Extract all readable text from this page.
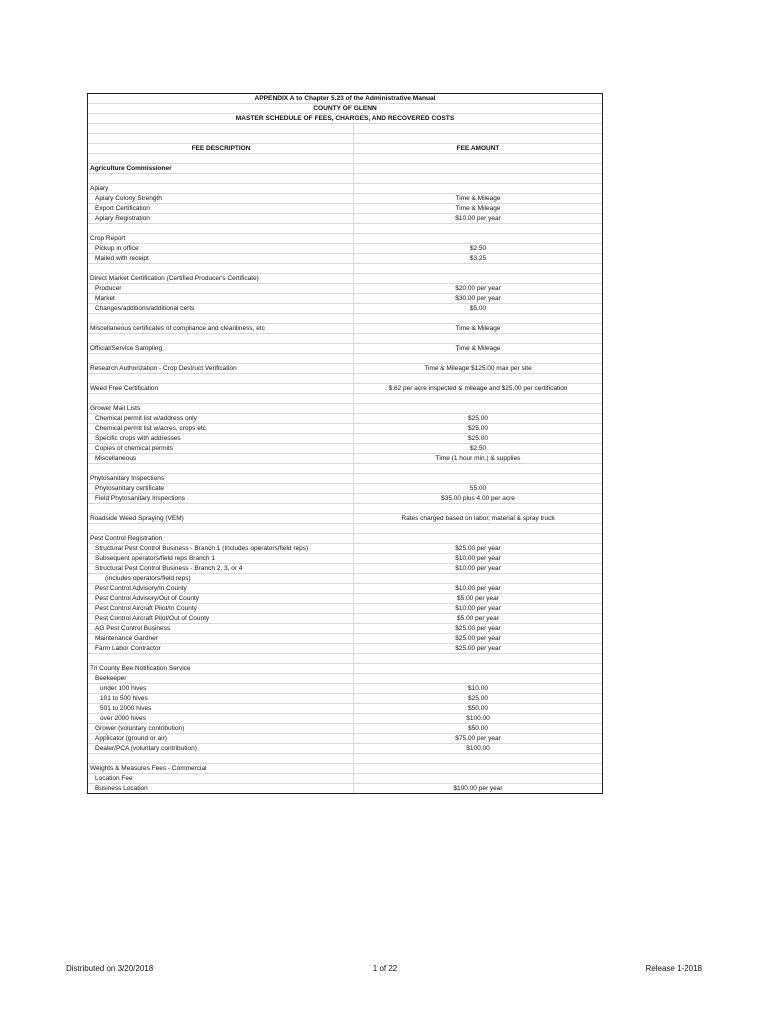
APPENDIX A to Chapter 5.23 of the Administrative Manual
COUNTY OF GLENN
MASTER SCHEDULE OF FEES, CHARGES, AND RECOVERED COSTS
FEE DESCRIPTION	FEE AMOUNT
Agriculture Commissioner
Apiary
Apiary Colony Strength	Time & Mileage
Export Certification	Time & Mileage
Apiary Registration	$10.00 per year
Crop Report
Pickup in office	$2.50
Mailed with receipt	$3.25
Direct Market Certification (Certified Producer's Certificate)
Producer	$20.00 per year
Market	$30.00 per year
Changes/additions/additional certs	$5.00
Miscellaneous certificates of compliance and cleanliness, etc	Time & Mileage
Official/Service Sampling	Time & Mileage
Research Authorization - Crop Destruct Verification	Time & Mileage $125.00 max per site
Weed Free Certification	$.62 per acre inspected & mileage and $25.00 per certification
Grower Mail Lists
Chemical permit list w/address only	$25.00
Chemical permit list w/acres, crops etc	$25.00
Specific crops with addresses	$25.00
Copies of chemical permits	$2.50
Miscellaneous	Time (1 hour min.) & supplies
Phytosanitary Inspections
Phytosanitary certificate	55.00
Field Phytosanitary Inspections	$35.00 plus 4.00 per acre
Roadside Weed Spraying (VEM)	Rates charged based on labor, material & spray truck
Pest Control Registration
Structural Pest Control Business - Branch 1 (Includes operators/field reps)	$25.00 per year
Subsequent operators/field reps Branch 1	$10.00 per year
Structural Pest Control Business - Branch 2, 3, or 4	$10.00 per year
(includes operators/field reps)
Pest Control Advisory/In County	$10.00 per year
Pest Control Advisory/Out of County	$5.00 per year
Pest Control Aircraft Pilot/In County	$10.00 per year
Pest Control Aircraft Pilot/Out of County	$5.00 per year
AG Pest Control Business	$25.00 per year
Maintenance Gardner	$25.00 per year
Farm Labor Contractor	$25.00 per year
Tri County Bee Notification Service
Beekeeper
under 100 hives	$10.00
101 to 500 hives	$25.00
501 to 2000 hives	$50.00
over 2000 hives	$100.00
Grower (voluntary contribution)	$50.00
Applicator (ground or air)	$75.00 per year
Dealer/PCA (voluntary contribution)	$100.00
Weights & Measures Fees - Commercial
Location Fee
Business Location	$100.00 per year
Distributed on 3/20/2018	1 of 22	Release 1-2018
